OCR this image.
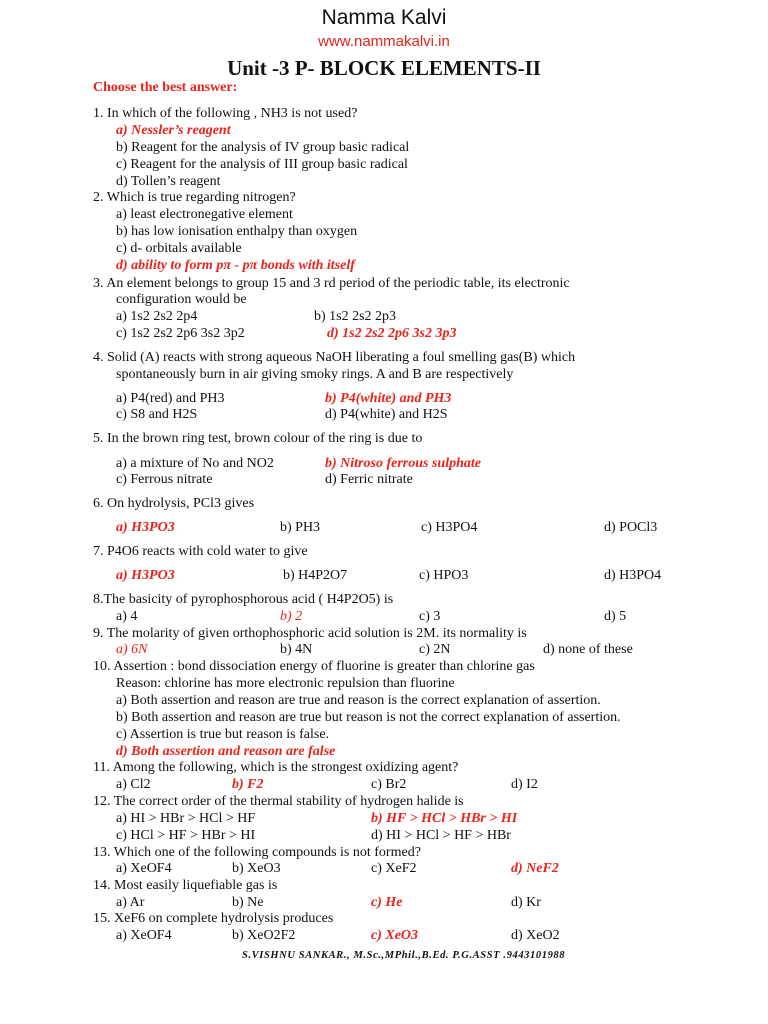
Namma Kalvi
www.nammakalvi.in
Unit -3 P- BLOCK ELEMENTS-II
Choose the best answer:
1. In which of the following , NH3 is not used?
a) Nessler’s reagent
b) Reagent for the analysis of IV group basic radical
c) Reagent for the analysis of III group basic radical
d) Tollen’s reagent
2. Which is true regarding nitrogen?
a) least electronegative element
b) has low ionisation enthalpy than oxygen
c) d- orbitals available
d) ability to form pπ - pπ bonds with itself
3. An element belongs to group 15 and 3 rd period of the periodic table, its electronic
configuration would be
a) 1s2 2s2 2p4	b) 1s2 2s2 2p3
c) 1s2 2s2 2p6 3s2 3p2	d) 1s2 2s2 2p6 3s2 3p3
4. Solid (A) reacts with strong aqueous NaOH liberating a foul smelling gas(B) which
spontaneously burn in air giving smoky rings. A and B are respectively
a) P4(red) and PH3	b) P4(white) and PH3
c) S8 and H2S	d) P4(white) and H2S
5. In the brown ring test, brown colour of the ring is due to
a) a mixture of No and NO2	b) Nitroso ferrous sulphate
c) Ferrous nitrate	d) Ferric nitrate
6. On hydrolysis, PCl3 gives
a) H3PO3	b) PH3	c) H3PO4	d) POCl3
7. P4O6 reacts with cold water to give
a) H3PO3	b) H4P2O7	c) HPO3	d) H3PO4
8.The basicity of pyrophosphorous acid ( H4P2O5) is
a) 4	b) 2	c) 3	d) 5
9. The molarity of given orthophosphoric acid solution is 2M. its normality is
a) 6N	b) 4N	c) 2N	d) none of these
10. Assertion : bond dissociation energy of fluorine is greater than chlorine gas
Reason: chlorine has more electronic repulsion than fluorine
a) Both assertion and reason are true and reason is the correct explanation of assertion.
b) Both assertion and reason are true but reason is not the correct explanation of assertion.
c) Assertion is true but reason is false.
d) Both assertion and reason are false
11. Among the following, which is the strongest oxidizing agent?
a) Cl2	b) F2	c) Br2	d) I2
12. The correct order of the thermal stability of hydrogen halide is
a) HI > HBr > HCl > HF	b) HF > HCl > HBr > HI
c) HCl > HF > HBr > HI	d) HI > HCl > HF > HBr
13. Which one of the following compounds is not formed?
a) XeOF4	b) XeO3	c) XeF2	d) NeF2
14. Most easily liquefiable gas is
a) Ar	b) Ne	c) He	d) Kr
15. XeF6 on complete hydrolysis produces
a) XeOF4	b) XeO2F2	c) XeO3	d) XeO2
S.VISHNU SANKAR., M.Sc.,MPhil.,B.Ed. P.G.ASST .9443101988
